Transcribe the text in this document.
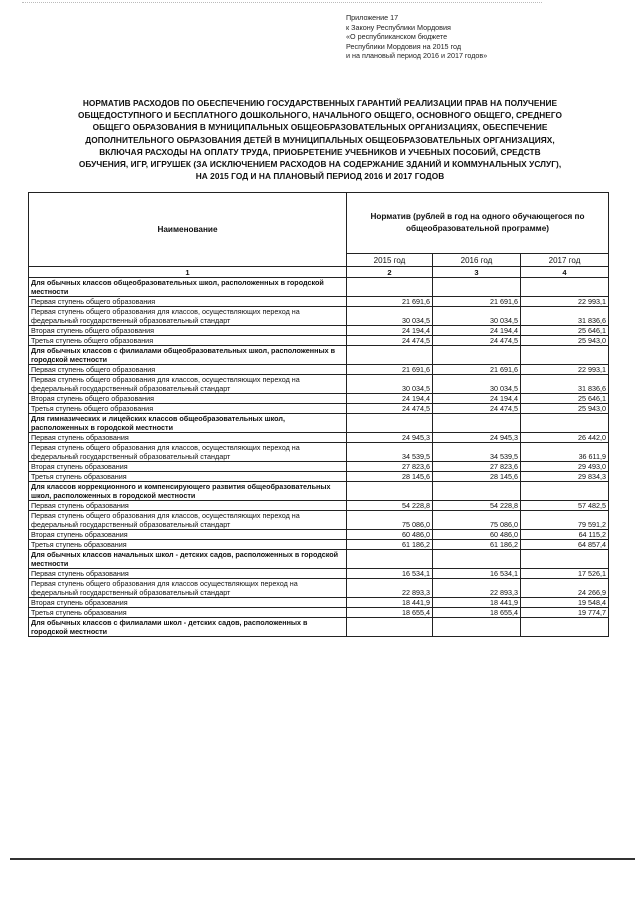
Приложение 17
к Закону Республики Мордовия
«О республиканском бюджете
Республики Мордовия на 2015 год
и на плановый период 2016 и 2017 годов»
НОРМАТИВ РАСХОДОВ ПО ОБЕСПЕЧЕНИЮ ГОСУДАРСТВЕННЫХ ГАРАНТИЙ РЕАЛИЗАЦИИ ПРАВ НА ПОЛУЧЕНИЕ
ОБЩЕДОСТУПНОГО И БЕСПЛАТНОГО ДОШКОЛЬНОГО, НАЧАЛЬНОГО ОБЩЕГО, ОСНОВНОГО ОБЩЕГО, СРЕДНЕГО
ОБЩЕГО ОБРАЗОВАНИЯ В МУНИЦИПАЛЬНЫХ ОБЩЕОБРАЗОВАТЕЛЬНЫХ ОРГАНИЗАЦИЯХ, ОБЕСПЕЧЕНИЕ
ДОПОЛНИТЕЛЬНОГО ОБРАЗОВАНИЯ ДЕТЕЙ В МУНИЦИПАЛЬНЫХ ОБЩЕОБРАЗОВАТЕЛЬНЫХ ОРГАНИЗАЦИЯХ,
ВКЛЮЧАЯ РАСХОДЫ НА ОПЛАТУ ТРУДА, ПРИОБРЕТЕНИЕ УЧЕБНИКОВ И УЧЕБНЫХ ПОСОБИЙ, СРЕДСТВ
ОБУЧЕНИЯ, ИГР, ИГРУШЕК (ЗА ИСКЛЮЧЕНИЕМ РАСХОДОВ НА СОДЕРЖАНИЕ ЗДАНИЙ И КОММУНАЛЬНЫХ УСЛУГ),
НА 2015 ГОД И НА ПЛАНОВЫЙ ПЕРИОД 2016 И 2017 ГОДОВ
Наименование	Норматив (рублей в год на одного обучающегося по общеобразовательной программе)		
	2015 год	2016 год	2017 год
1	2	3	4
Для обычных классов общеобразовательных школ, расположенных в городской местности			
Первая ступень общего образования	21 691,6	21 691,6	22 993,1
Первая ступень общего образования для классов, осуществляющих переход на федеральный государственный образовательный стандарт	30 034,5	30 034,5	31 836,6
Вторая ступень общего образования	24 194,4	24 194,4	25 646,1
Третья ступень общего образования	24 474,5	24 474,5	25 943,0
Для обычных классов с филиалами общеобразовательных школ, расположенных в городской местности			
Первая ступень общего образования	21 691,6	21 691,6	22 993,1
Первая ступень общего образования для классов, осуществляющих переход на федеральный государственный образовательный стандарт	30 034,5	30 034,5	31 836,6
Вторая ступень общего образования	24 194,4	24 194,4	25 646,1
Третья ступень общего образования	24 474,5	24 474,5	25 943,0
Для гимназических и лицейских классов общеобразовательных школ, расположенных в городской местности			
Первая ступень образования	24 945,3	24 945,3	26 442,0
Первая ступень общего образования для классов, осуществляющих переход на федеральный государственный образовательный стандарт	34 539,5	34 539,5	36 611,9
Вторая ступень образования	27 823,6	27 823,6	29 493,0
Третья ступень образования	28 145,6	28 145,6	29 834,3
Для классов коррекционного и компенсирующего развития общеобразовательных школ, расположенных в городской местности			
Первая ступень образования	54 228,8	54 228,8	57 482,5
Первая ступень общего образования для классов, осуществляющих переход на федеральный государственный образовательный стандарт	75 086,0	75 086,0	79 591,2
Вторая ступень образования	60 486,0	60 486,0	64 115,2
Третья ступень образования	61 186,2	61 186,2	64 857,4
Для обычных классов начальных школ - детских садов, расположенных в городской местности			
Первая ступень образования	16 534,1	16 534,1	17 526,1
Первая ступень общего образования для классов осуществляющих переход на федеральный государственный образовательный стандарт	22 893,3	22 893,3	24 266,9
Вторая ступень образования	18 441,9	18 441,9	19 548,4
Третья ступень образования	18 655,4	18 655,4	19 774,7
Для обычных классов с филиалами школ - детских садов, расположенных в городской местности			
